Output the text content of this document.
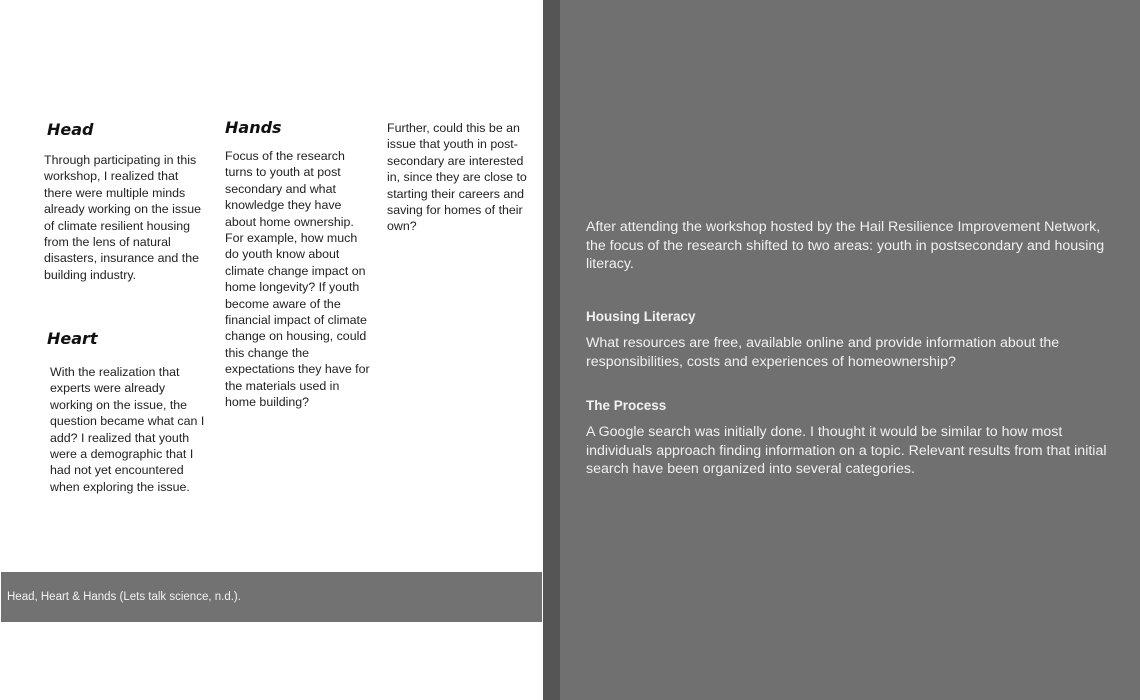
Head

Through participating in this workshop, I realized that there were multiple minds already working on the issue of climate resilient housing from the lens of natural disasters, insurance and the building industry.

Heart

With the realization that experts were already working on the issue, the question became what can I add? I realized that youth were a demographic that I had not yet encountered when exploring the issue.

Hands

Focus of the research turns to youth at post secondary and what knowledge they have about home ownership. For example, how much do youth know about climate change impact on home longevity? If youth become aware of the financial impact of climate change on housing, could this change the expectations they have for the materials used in home building?

Further, could this be an issue that youth in post-secondary are interested in, since they are close to starting their careers and saving for homes of their own?

Head, Heart & Hands (Lets talk science, n.d.).

After attending the workshop hosted by the Hail Resilience Improvement Network, the focus of the research shifted to two areas: youth in postsecondary and housing literacy.

Housing Literacy

What resources are free, available online and provide information about the responsibilities, costs and experiences of homeownership?

The Process

A Google search was initially done. I thought it would be similar to how most individuals approach finding information on a topic. Relevant results from that initial search have been organized into several categories.
